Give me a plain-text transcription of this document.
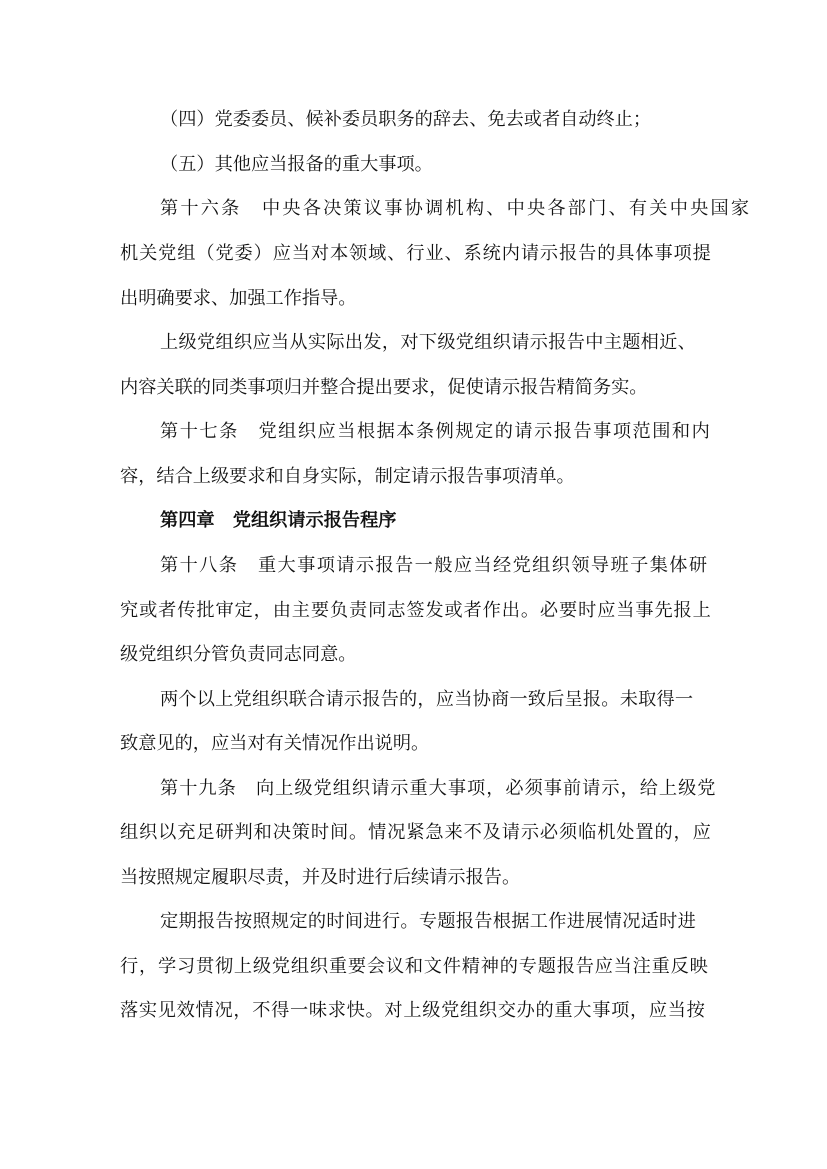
（四）党委委员、候补委员职务的辞去、免去或者自动终止；
（五）其他应当报备的重大事项。
第十六条　中央各决策议事协调机构、中央各部门、有关中央国家
机关党组（党委）应当对本领域、行业、系统内请示报告的具体事项提
出明确要求、加强工作指导。
上级党组织应当从实际出发，对下级党组织请示报告中主题相近、
内容关联的同类事项归并整合提出要求，促使请示报告精简务实。
第十七条　党组织应当根据本条例规定的请示报告事项范围和内
容，结合上级要求和自身实际，制定请示报告事项清单。
第四章　党组织请示报告程序
第十八条　重大事项请示报告一般应当经党组织领导班子集体研
究或者传批审定，由主要负责同志签发或者作出。必要时应当事先报上
级党组织分管负责同志同意。
两个以上党组织联合请示报告的，应当协商一致后呈报。未取得一
致意见的，应当对有关情况作出说明。
第十九条　向上级党组织请示重大事项，必须事前请示，给上级党
组织以充足研判和决策时间。情况紧急来不及请示必须临机处置的，应
当按照规定履职尽责，并及时进行后续请示报告。
定期报告按照规定的时间进行。专题报告根据工作进展情况适时进
行，学习贯彻上级党组织重要会议和文件精神的专题报告应当注重反映
落实见效情况，不得一味求快。对上级党组织交办的重大事项，应当按
